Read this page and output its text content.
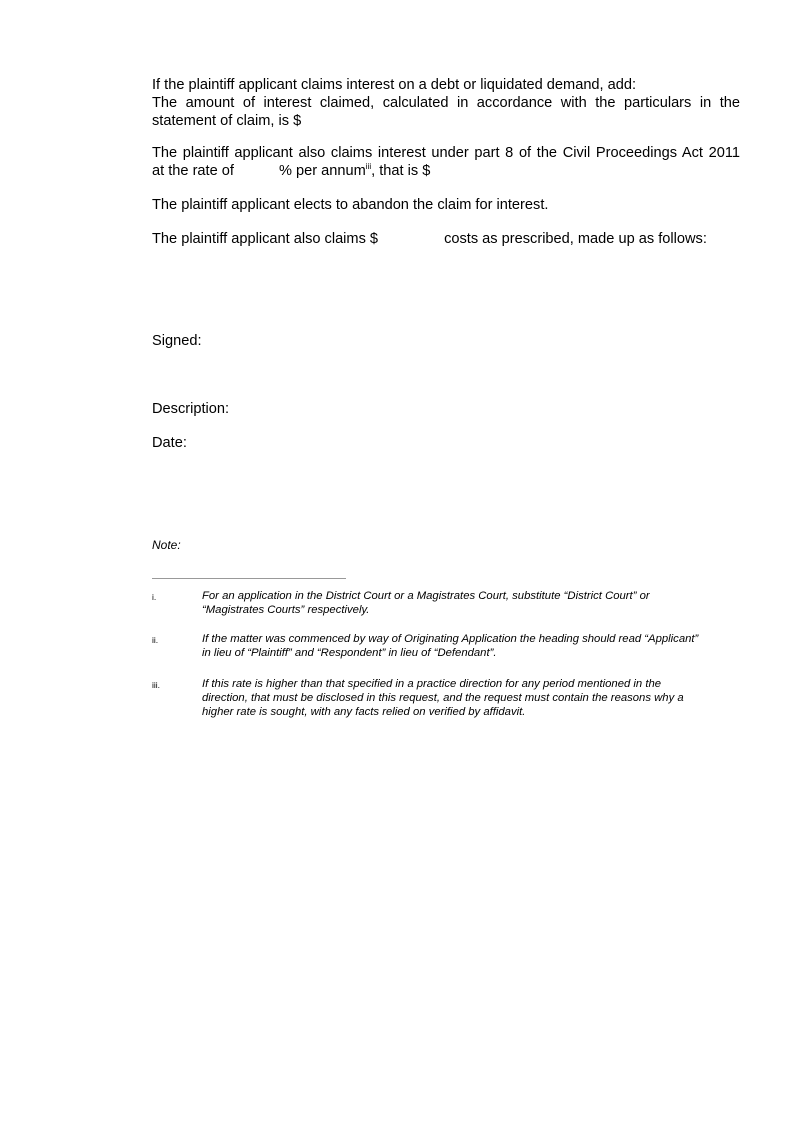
If the plaintiff applicant claims interest on a debt or liquidated demand, add:
The amount of interest claimed, calculated in accordance with the particulars in the
statement of claim, is $
The plaintiff applicant also claims interest under part 8 of the Civil Proceedings Act 2011
at the rate of	% per annum$^{iii}$, that is $
The plaintiff applicant elects to abandon the claim for interest.
The plaintiff applicant also claims $	costs as prescribed, made up as follows:
Signed:
Description:
Date:
Note:
i.	For an application in the District Court or a Magistrates Court, substitute “District Court” or
“Magistrates Courts” respectively.
ii.	If the matter was commenced by way of Originating Application the heading should read “Applicant”
in lieu of “Plaintiff” and “Respondent” in lieu of “Defendant”.
iii.	If this rate is higher than that specified in a practice direction for any period mentioned in the
direction, that must be disclosed in this request, and the request must contain the reasons why a
higher rate is sought, with any facts relied on verified by affidavit.
